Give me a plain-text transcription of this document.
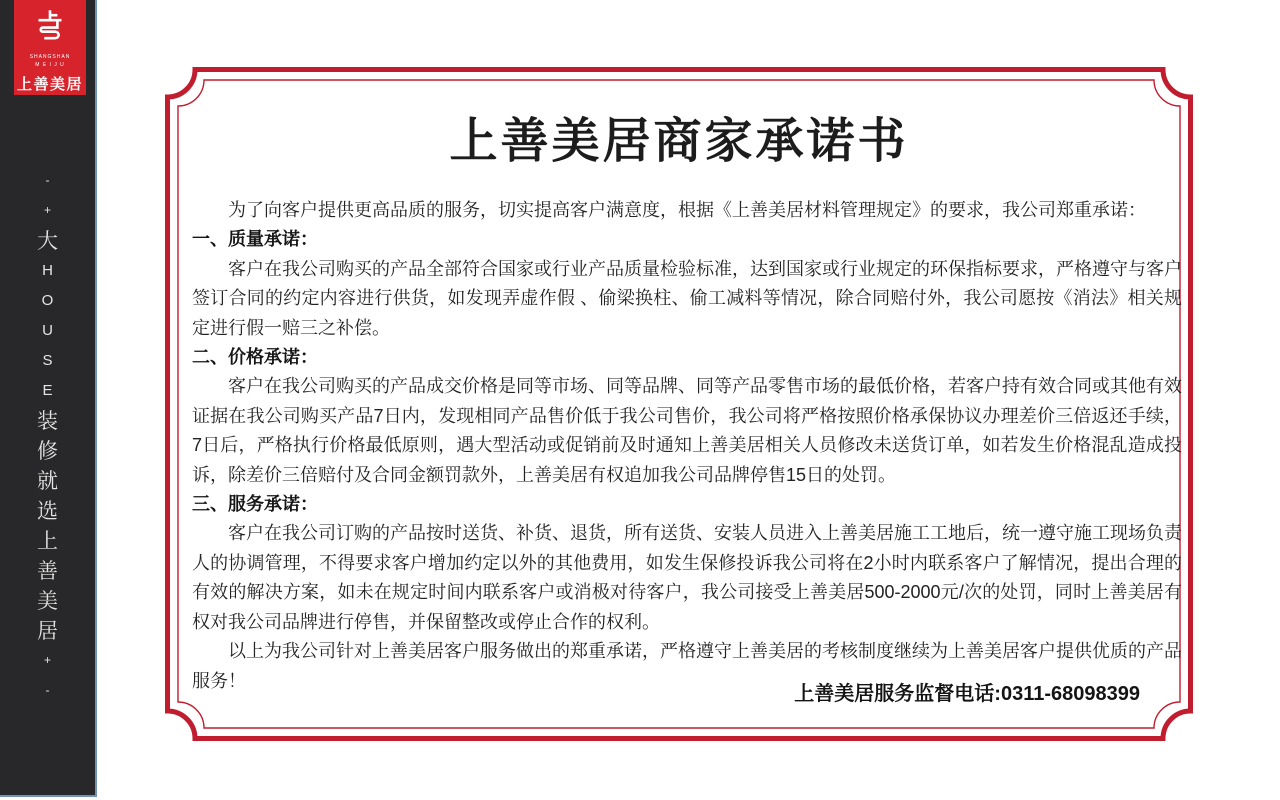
SHANGSHAN
M E I J U
上善美居
-
+
大
H
O
U
S
E
装
修
就
选
上
善
美
居
+
-
上善美居商家承诺书

为了向客户提供更高品质的服务，切实提高客户满意度，根据《上善美居材料管理规定》的要求，我公司郑重承诺：

一、质量承诺：

客户在我公司购买的产品全部符合国家或行业产品质量检验标准，达到国家或行业规定的环保指标要求，严格遵守与客户签订合同的约定内容进行供货，如发现弄虚作假 、偷梁换柱、偷工减料等情况，除合同赔付外，我公司愿按《消法》相关规定进行假一赔三之补偿。

二、价格承诺：

客户在我公司购买的产品成交价格是同等市场、同等品牌、同等产品零售市场的最低价格，若客户持有效合同或其他有效证据在我公司购买产品7日内，发现相同产品售价低于我公司售价，我公司将严格按照价格承保协议办理差价三倍返还手续，7日后，严格执行价格最低原则，遇大型活动或促销前及时通知上善美居相关人员修改未送货订单，如若发生价格混乱造成投诉，除差价三倍赔付及合同金额罚款外，上善美居有权追加我公司品牌停售15日的处罚。

三、服务承诺：

客户在我公司订购的产品按时送货、补货、退货，所有送货、安装人员进入上善美居施工工地后，统一遵守施工现场负责人的协调管理，不得要求客户增加约定以外的其他费用，如发生保修投诉我公司将在2小时内联系客户了解情况，提出合理的有效的解决方案，如未在规定时间内联系客户或消极对待客户，我公司接受上善美居500-2000元/次的处罚，同时上善美居有权对我公司品牌进行停售，并保留整改或停止合作的权利。

以上为我公司针对上善美居客户服务做出的郑重承诺，严格遵守上善美居的考核制度继续为上善美居客户提供优质的产品服务！

上善美居服务监督电话:0311-68098399
